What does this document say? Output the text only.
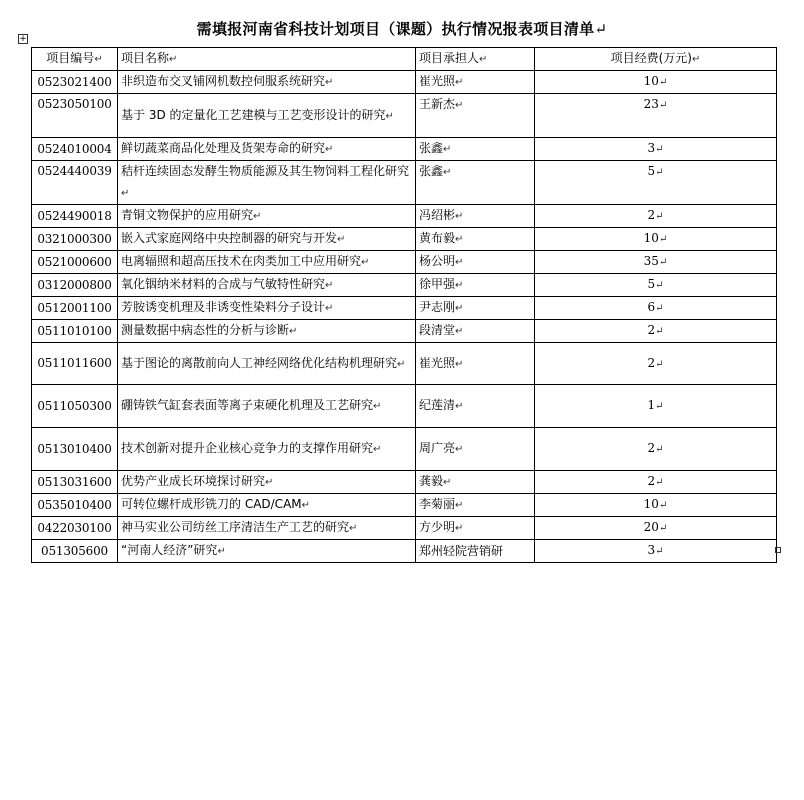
需填报河南省科技计划项目（课题）执行情况报表项目清单↵
+
项目编号↵	项目名称↵	项目承担人↵	项目经费(万元)↵
0523021400	非织造布交叉铺网机数控伺服系统研究↵	崔光照↵	10↵
0523050100	基于 3D 的定量化工艺建模与工艺变形设计的研究↵	王新杰↵	23↵
0524010004	鲜切蔬菜商品化处理及货架寿命的研究↵	张鑫↵	3↵
0524440039	秸杆连续固态发酵生物质能源及其生物饲料工程化研究↵	张鑫↵	5↵
0524490018	青铜文物保护的应用研究↵	冯绍彬↵	2↵
0321000300	嵌入式家庭网络中央控制器的研究与开发↵	黄布毅↵	10↵
0521000600	电离辐照和超高压技术在肉类加工中应用研究↵	杨公明↵	35↵
0312000800	氧化铟纳米材料的合成与气敏特性研究↵	徐甲强↵	5↵
0512001100	芳胺诱变机理及非诱变性染料分子设计↵	尹志刚↵	6↵
0511010100	测量数据中病态性的分析与诊断↵	段清堂↵	2↵
0511011600	基于图论的离散前向人工神经网络优化结构机理研究↵	崔光照↵	2↵
0511050300	硼铸铁气缸套表面等离子束硬化机理及工艺研究↵	纪莲清↵	1↵
0513010400	技术创新对提升企业核心竞争力的支撑作用研究↵	周广亮↵	2↵
0513031600	优势产业成长环境探讨研究↵	龚毅↵	2↵
0535010400	可转位螺杆成形铣刀的 CAD/CAM↵	李菊丽↵	10↵
0422030100	神马实业公司纺丝工序清洁生产工艺的研究↵	方少明↵	20↵
051305600	“河南人经济”研究↵	郑州轻院营销研	3↵
